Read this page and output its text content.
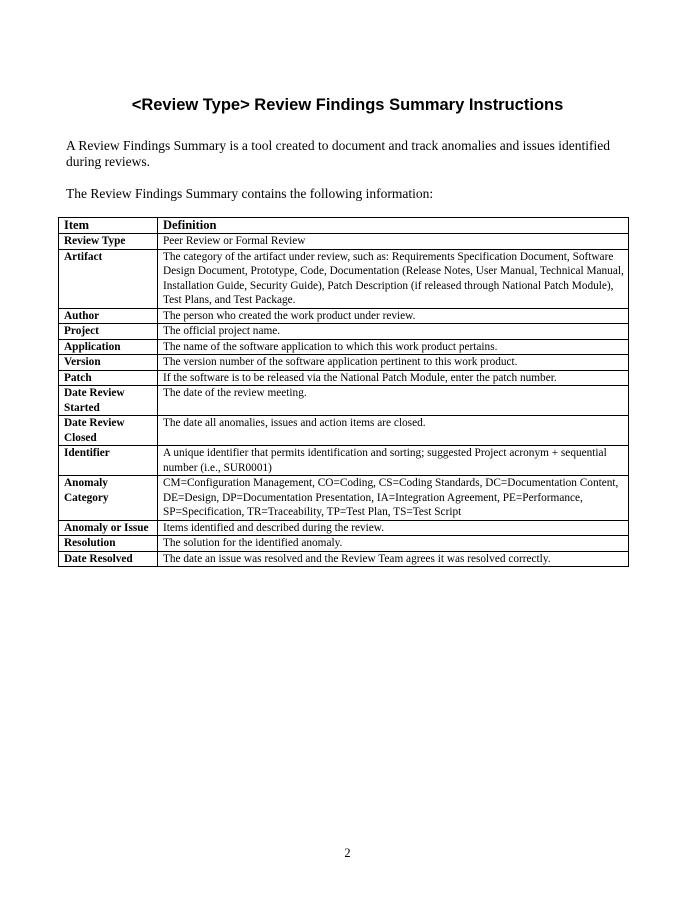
<Review Type> Review Findings Summary Instructions

A Review Findings Summary is a tool created to document and track anomalies and issues identified during reviews.

The Review Findings Summary contains the following information:

Item	Definition
Review Type	Peer Review or Formal Review
Artifact	The category of the artifact under review, such as: Requirements Specification Document, Software Design Document, Prototype, Code, Documentation (Release Notes, User Manual, Technical Manual, Installation Guide, Security Guide), Patch Description (if released through National Patch Module), Test Plans, and Test Package.
Author	The person who created the work product under review.
Project	The official project name.
Application	The name of the software application to which this work product pertains.
Version	The version number of the software application pertinent to this work product.
Patch	If the software is to be released via the National Patch Module, enter the patch number.
Date Review Started	The date of the review meeting.
Date Review Closed	The date all anomalies, issues and action items are closed.
Identifier	A unique identifier that permits identification and sorting; suggested Project acronym + sequential number (i.e., SUR0001)
Anomaly Category	CM=Configuration Management, CO=Coding, CS=Coding Standards, DC=Documentation Content, DE=Design, DP=Documentation Presentation, IA=Integration Agreement, PE=Performance, SP=Specification, TR=Traceability, TP=Test Plan, TS=Test Script
Anomaly or Issue	Items identified and described during the review.
Resolution	The solution for the identified anomaly.
Date Resolved	The date an issue was resolved and the Review Team agrees it was resolved correctly.
2
